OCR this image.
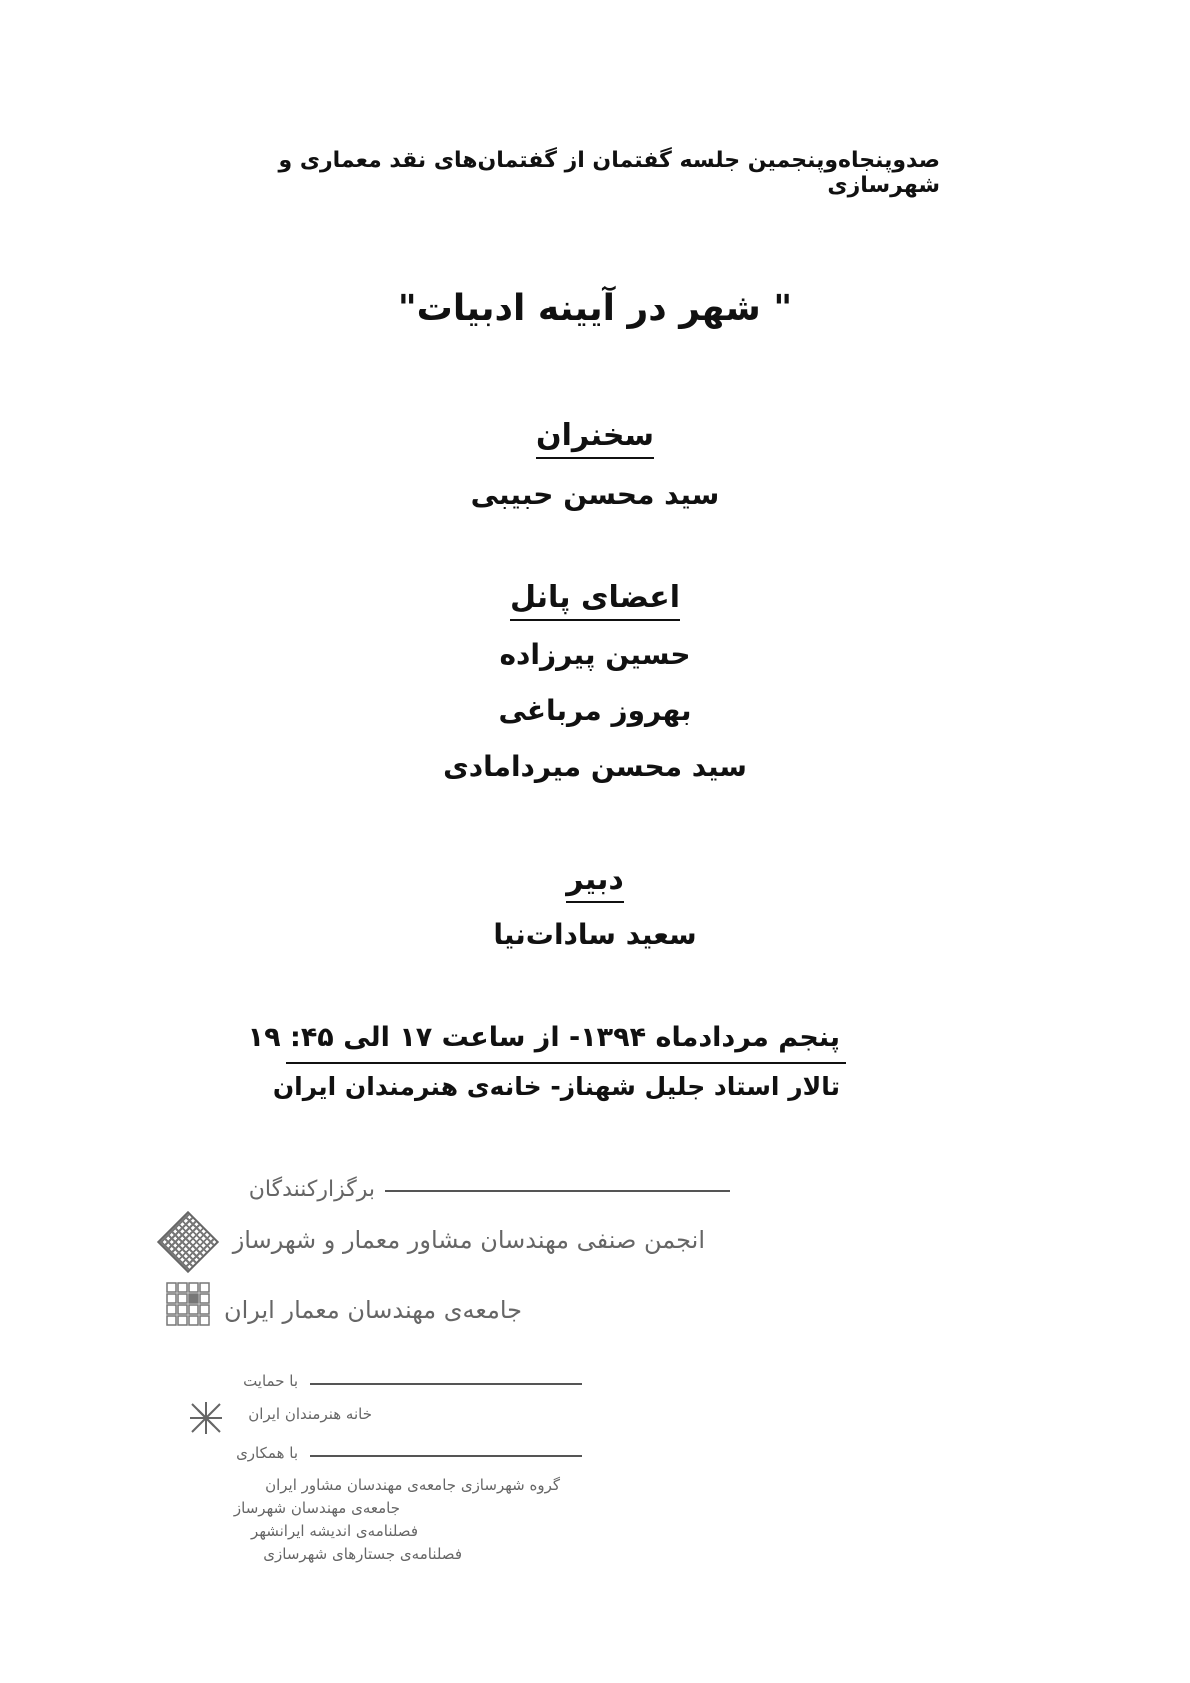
صدوپنجاه‌وپنجمین جلسه گفتمان از گفتمان‌های نقد معماری و شهرسازی
" شهر در آیینه ادبیات"
سخنران
سید محسن حبیبی
اعضای پانل
حسین پیرزاده
بهروز مرباغی
سید محسن میردامادی
دبیر
سعید سادات‌نیا
پنجم مردادماه ۱۳۹۴- از ساعت ۱۷ الی ۴۵: ۱۹
تالار استاد جلیل شهناز- خانه‌ی هنرمندان ایران
برگزارکنندگان
انجمن صنفی مهندسان مشاور معمار و شهرساز
جامعه‌ی مهندسان معمار ایران
با حمایت
خانه هنرمندان ایران
با همکاری
گروه شهرسازی جامعه‌ی مهندسان مشاور ایران
جامعه‌ی مهندسان شهرساز
فصلنامه‌ی اندیشه ایرانشهر
فصلنامه‌ی جستارهای شهرسازی
